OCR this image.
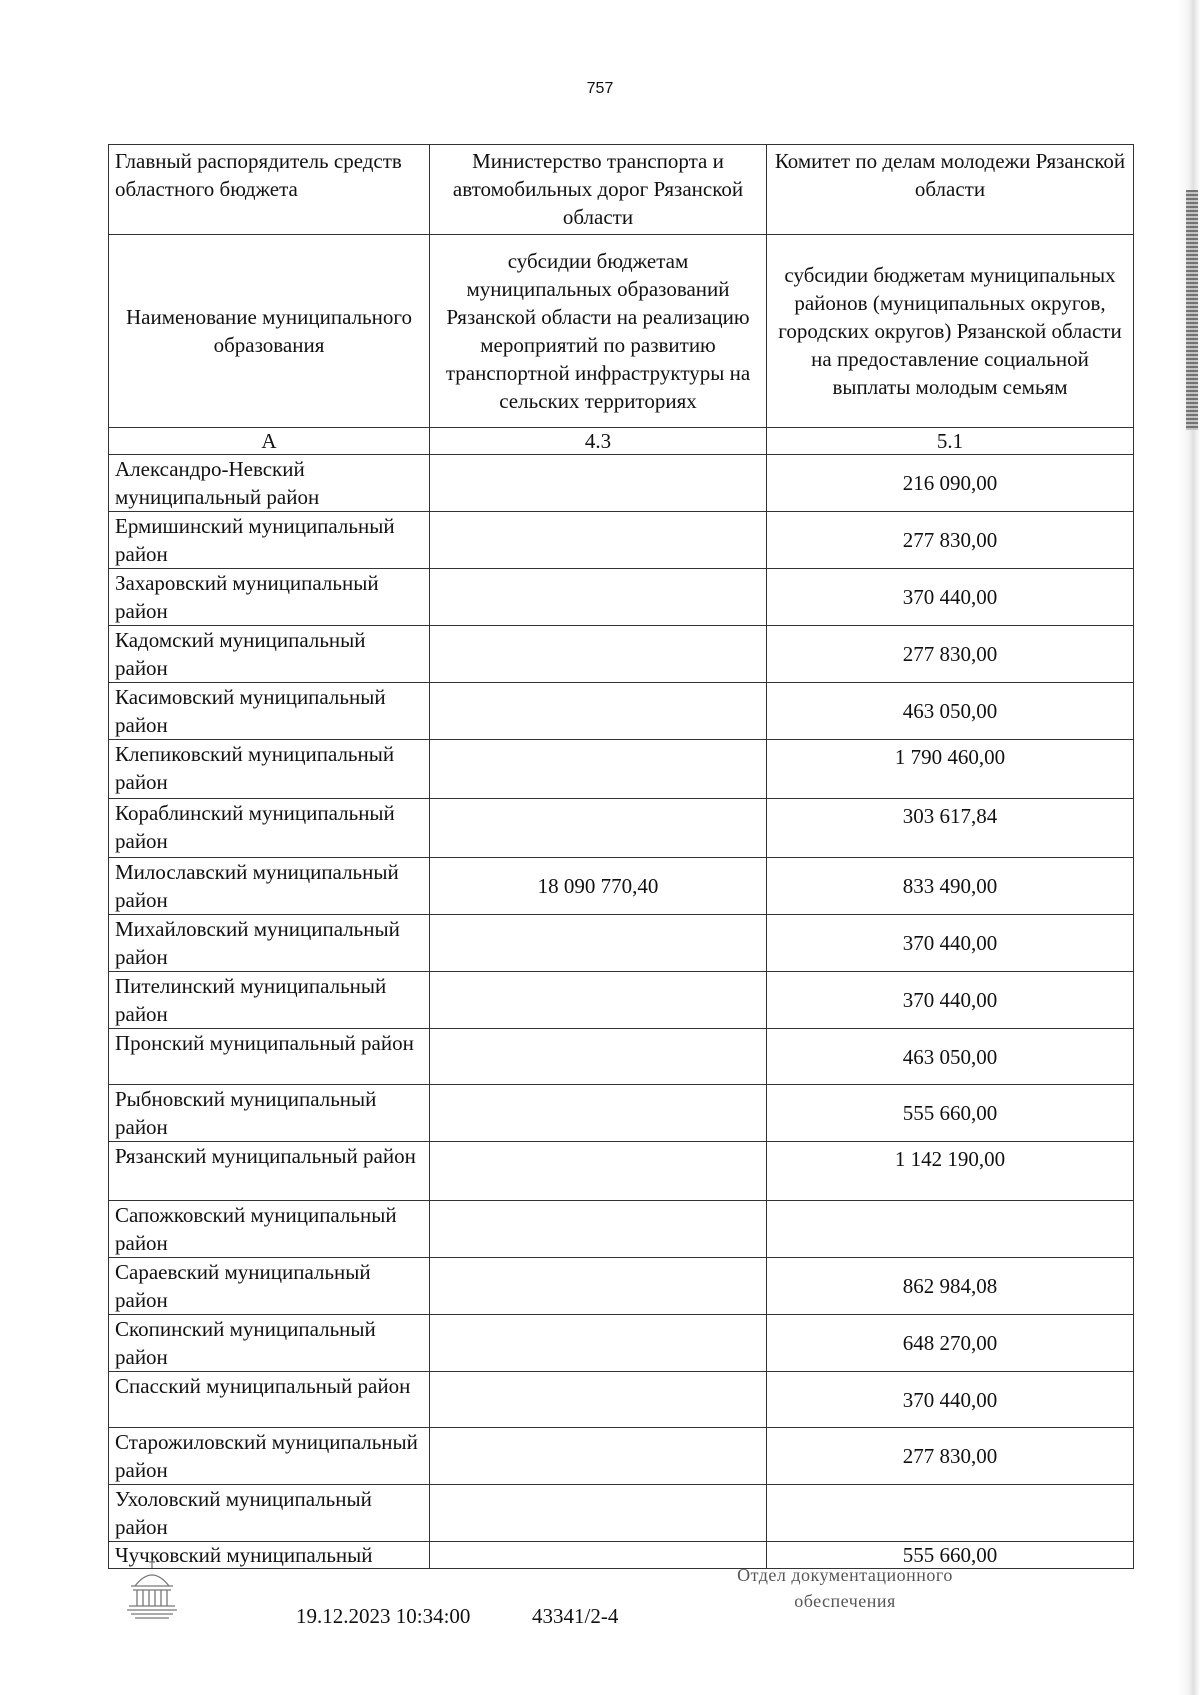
757
Главный распорядитель средств областного бюджета	Министерство транспорта и автомобильных дорог Рязанской области	Комитет по делам молодежи Рязанской области
Наименование муниципального образования	субсидии бюджетам муниципальных образований Рязанской области на реализацию мероприятий по развитию транспортной инфраструктуры на сельских территориях	субсидии бюджетам муниципальных районов (муниципальных округов, городских округов) Рязанской области на предоставление социальной выплаты молодым семьям
А	4.3	5.1
Александро-Невский муниципальный район		216 090,00
Ермишинский муниципальный район		277 830,00
Захаровский муниципальный район		370 440,00
Кадомский муниципальный район		277 830,00
Касимовский муниципальный район		463 050,00
Клепиковский муниципальный район		1 790 460,00
Кораблинский муниципальный район		303 617,84
Милославский муниципальный район	18 090 770,40	833 490,00
Михайловский муниципальный район		370 440,00
Пителинский муниципальный район		370 440,00
Пронский муниципальный район		463 050,00
Рыбновский муниципальный район		555 660,00
Рязанский муниципальный район		1 142 190,00
Сапожковский муниципальный район		
Сараевский муниципальный район		862 984,08
Скопинский муниципальный район		648 270,00
Спасский муниципальный район		370 440,00
Старожиловский муниципальный район		277 830,00
Ухоловский муниципальный район		
Чучковский муниципальный		555 660,00
19.12.2023 10:34:00	43341/2-4
Отдел документационного
обеспечения
